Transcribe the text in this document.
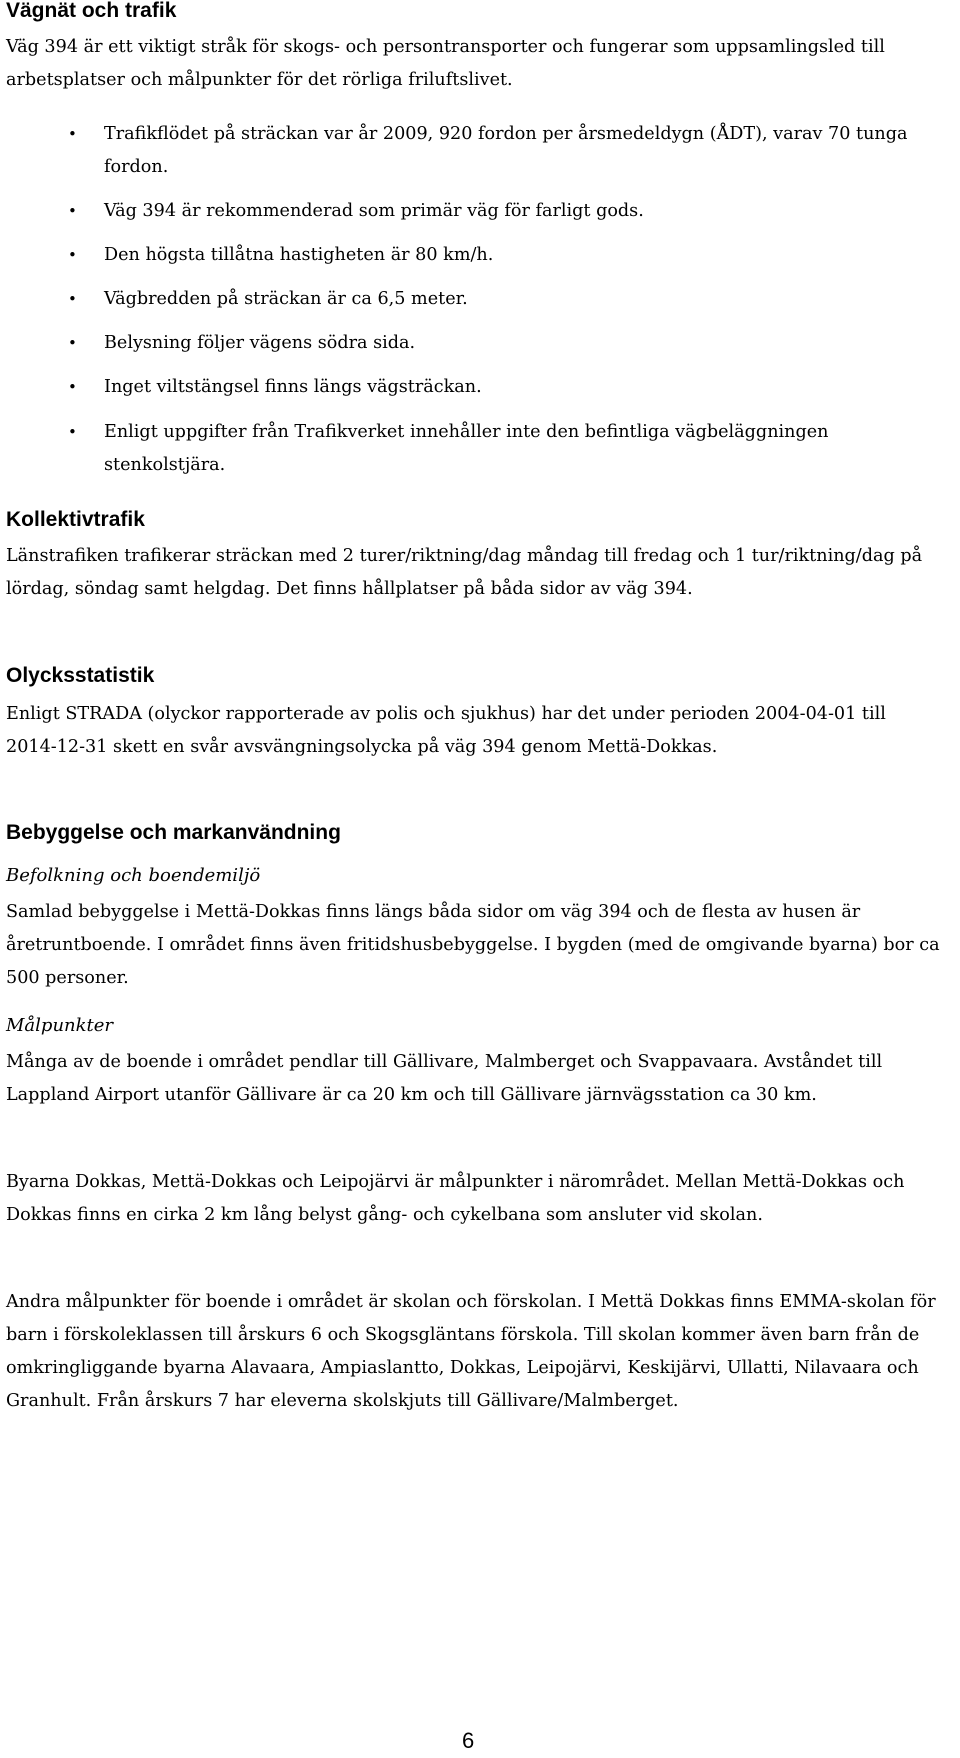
Vägnät och trafik

Väg 394 är ett viktigt stråk för skogs- och persontransporter och fungerar som uppsamlingsled till arbetsplatser och målpunkter för det rörliga friluftslivet.

• Trafikflödet på sträckan var år 2009, 920 fordon per årsmedeldygn (ÅDT), varav 70 tunga fordon.
• Väg 394 är rekommenderad som primär väg för farligt gods.
• Den högsta tillåtna hastigheten är 80 km/h.
• Vägbredden på sträckan är ca 6,5 meter.
• Belysning följer vägens södra sida.
• Inget viltstängsel finns längs vägsträckan.
• Enligt uppgifter från Trafikverket innehåller inte den befintliga vägbeläggningen stenkolstjära.
Kollektivtrafik

Länstrafiken trafikerar sträckan med 2 turer/riktning/dag måndag till fredag och 1 tur/riktning/dag på lördag, söndag samt helgdag. Det finns hållplatser på båda sidor av väg 394.

Olycksstatistik

Enligt STRADA (olyckor rapporterade av polis och sjukhus) har det under perioden 2004-04-01 till 2014-12-31 skett en svår avsvängningsolycka på väg 394 genom Mettä-Dokkas.

Bebyggelse och markanvändning
Befolkning och boendemiljö

Samlad bebyggelse i Mettä-Dokkas finns längs båda sidor om väg 394 och de flesta av husen är åretruntboende. I området finns även fritidshusbebyggelse. I bygden (med de omgivande byarna) bor ca 500 personer.

Målpunkter

Många av de boende i området pendlar till Gällivare, Malmberget och Svappavaara. Avståndet till Lappland Airport utanför Gällivare är ca 20 km och till Gällivare järnvägsstation ca 30 km.

Byarna Dokkas, Mettä-Dokkas och Leipojärvi är målpunkter i närområdet. Mellan Mettä-Dokkas och Dokkas finns en cirka 2 km lång belyst gång- och cykelbana som ansluter vid skolan.

Andra målpunkter för boende i området är skolan och förskolan. I Mettä Dokkas finns EMMA-skolan för barn i förskoleklassen till årskurs 6 och Skogsgläntans förskola. Till skolan kommer även barn från de omkringliggande byarna Alavaara, Ampiaslantto, Dokkas, Leipojärvi, Keskijärvi, Ullatti, Nilavaara och Granhult. Från årskurs 7 har eleverna skolskjuts till Gällivare/Malmberget.

6
